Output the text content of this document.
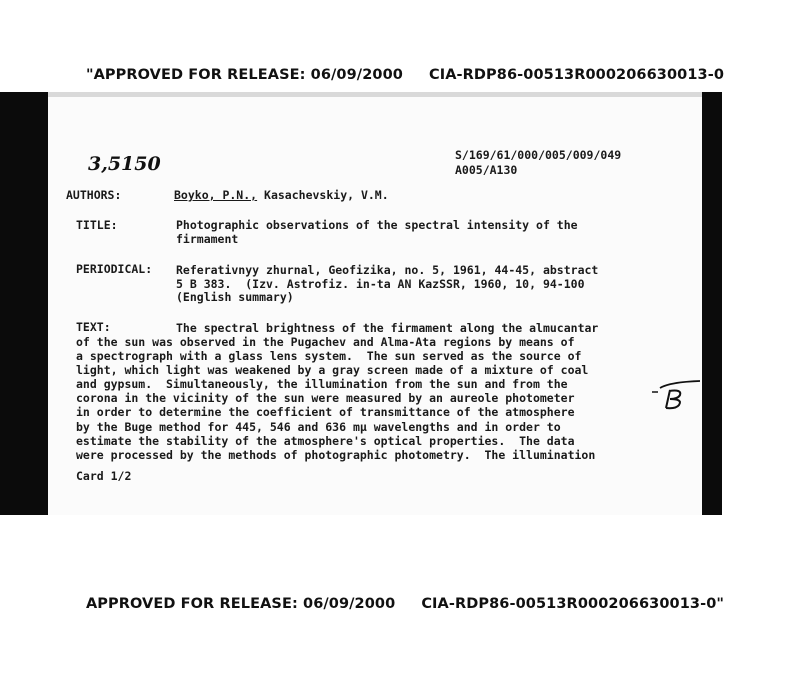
"APPROVED FOR RELEASE: 06/09/2000 CIA-RDP86-00513R000206630013-0
3,5150	S/169/61/000/005/009/049
A005/A130
AUTHORS:	Boyko, P.N., Kasachevskiy, V.M.
TITLE:	Photographic observations of the spectral intensity of the
firmament
PERIODICAL: Referativnyy zhurnal, Geofizika, no. 5, 1961, 44-45, abstract
5 B 383.  (Izv. Astrofiz. in-ta AN KazSSR, 1960, 10, 94-100
(English summary)
TEXT:	The spectral brightness of the firmament along the almucantar
of the sun was observed in the Pugachev and Alma-Ata regions by means of
a spectrograph with a glass lens system.  The sun served as the source of
light, which light was weakened by a gray screen made of a mixture of coal
and gypsum.  Simultaneously, the illumination from the sun and from the
corona in the vicinity of the sun were measured by an aureole photometer
in order to determine the coefficient of transmittance of the atmosphere
by the Buge method for 445, 546 and 636 mμ wavelengths and in order to
estimate the stability of the atmosphere's optical properties.  The data
were processed by the methods of photographic photometry.  The illumination
Card 1/2
APPROVED FOR RELEASE: 06/09/2000 CIA-RDP86-00513R000206630013-0"
